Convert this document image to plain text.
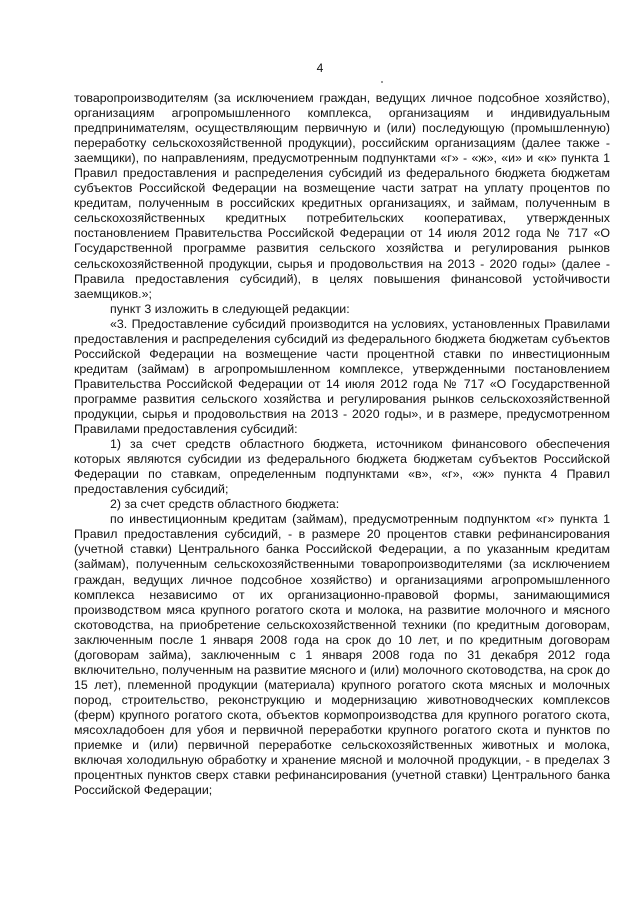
4

товаропроизводителям (за исключением граждан, ведущих личное подсобное хозяйство), организациям агропромышленного комплекса, организациям и индивидуальным предпринимателям, осуществляющим первичную и (или) последующую (промышленную) переработку сельскохозяйственной продукции), российским организациям (далее также - заемщики), по направлениям, предусмотренным подпунктами «г» - «ж», «и» и «к» пункта 1 Правил предоставления и распределения субсидий из федерального бюджета бюджетам субъектов Российской Федерации на возмещение части затрат на уплату процентов по кредитам, полученным в российских кредитных организациях, и займам, полученным в сельскохозяйственных кредитных потребительских кооперативах, утвержденных постановлением Правительства Российской Федерации от 14 июля 2012 года № 717 «О Государственной программе развития сельского хозяйства и регулирования рынков сельскохозяйственной продукции, сырья и продовольствия на 2013 - 2020 годы» (далее - Правила предоставления субсидий), в целях повышения финансовой устойчивости заемщиков.»;

пункт 3 изложить в следующей редакции:

«3. Предоставление субсидий производится на условиях, установленных Правилами предоставления и распределения субсидий из федерального бюджета бюджетам субъектов Российской Федерации на возмещение части процентной ставки по инвестиционным кредитам (займам) в агропромышленном комплексе, утвержденными постановлением Правительства Российской Федерации от 14 июля 2012 года № 717 «О Государственной программе развития сельского хозяйства и регулирования рынков сельскохозяйственной продукции, сырья и продовольствия на 2013 - 2020 годы», и в размере, предусмотренном Правилами предоставления субсидий:

1) за счет средств областного бюджета, источником финансового обеспечения которых являются субсидии из федерального бюджета бюджетам субъектов Российской Федерации по ставкам, определенным подпунктами «в», «г», «ж» пункта 4 Правил предоставления субсидий;

2) за счет средств областного бюджета:

по инвестиционным кредитам (займам), предусмотренным подпунктом «г» пункта 1 Правил предоставления субсидий, - в размере 20 процентов ставки рефинансирования (учетной ставки) Центрального банка Российской Федерации, а по указанным кредитам (займам), полученным сельскохозяйственными товаропроизводителями (за исключением граждан, ведущих личное подсобное хозяйство) и организациями агропромышленного комплекса независимо от их организационно-правовой формы, занимающимися производством мяса крупного рогатого скота и молока, на развитие молочного и мясного скотоводства, на приобретение сельскохозяйственной техники (по кредитным договорам, заключенным после 1 января 2008 года на срок до 10 лет, и по кредитным договорам (договорам займа), заключенным с 1 января 2008 года по 31 декабря 2012 года включительно, полученным на развитие мясного и (или) молочного скотоводства, на срок до 15 лет), племенной продукции (материала) крупного рогатого скота мясных и молочных пород, строительство, реконструкцию и модернизацию животноводческих комплексов (ферм) крупного рогатого скота, объектов кормопроизводства для крупного рогатого скота, мясохладобоен для убоя и первичной переработки крупного рогатого скота и пунктов по приемке и (или) первичной переработке сельскохозяйственных животных и молока, включая холодильную обработку и хранение мясной и молочной продукции, - в пределах 3 процентных пунктов сверх ставки рефинансирования (учетной ставки) Центрального банка Российской Федерации;
